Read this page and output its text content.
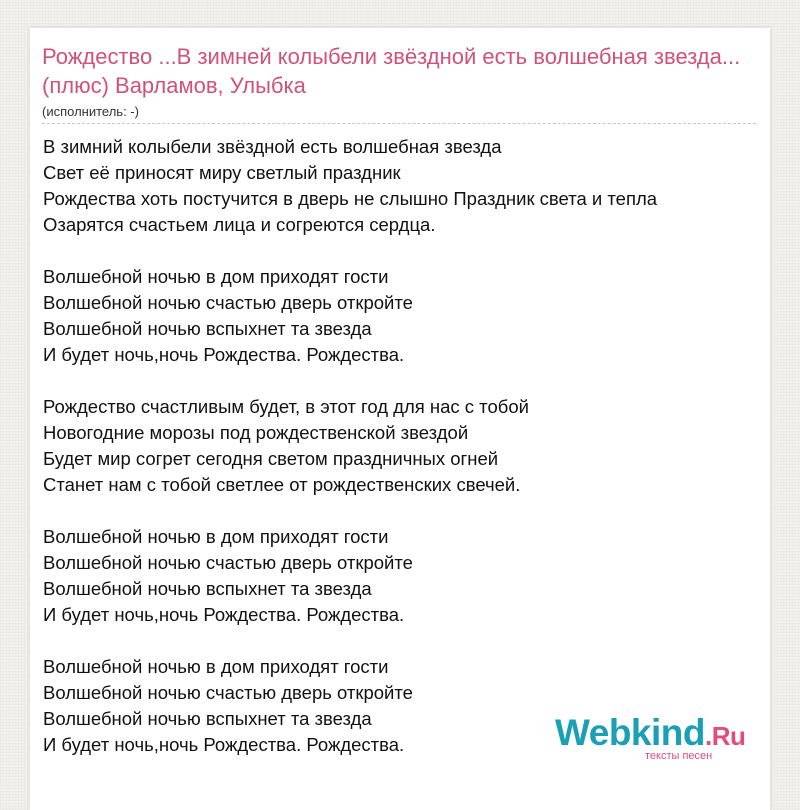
Рождество ...В зимней колыбели звёздной есть волшебная звезда... (плюс) Варламов, Улыбка
(исполнитель: -)
В зимний колыбели звёздной есть волшебная звезда
Свет её приносят миру светлый праздник
Рождества хоть постучится в дверь не слышно Праздник света и тепла
Озарятся счастьем лица и согреются сердца.
Волшебной ночью в дом приходят гости
Волшебной ночью счастью дверь откройте
Волшебной ночью вспыхнет та звезда
И будет ночь,ночь Рождества. Рождества.
Рождество счастливым будет, в этот год для нас с тобой
Новогодние морозы под рождественской звездой
Будет мир согрет сегодня светом праздничных огней
Станет нам с тобой светлее от рождественских свечей.
Волшебной ночью в дом приходят гости
Волшебной ночью счастью дверь откройте
Волшебной ночью вспыхнет та звезда
И будет ночь,ночь Рождества. Рождества.
Волшебной ночью в дом приходят гости
Волшебной ночью счастью дверь откройте
Волшебной ночью вспыхнет та звезда
И будет ночь,ночь Рождества. Рождества.	Webkind.Ru
тексты песен
